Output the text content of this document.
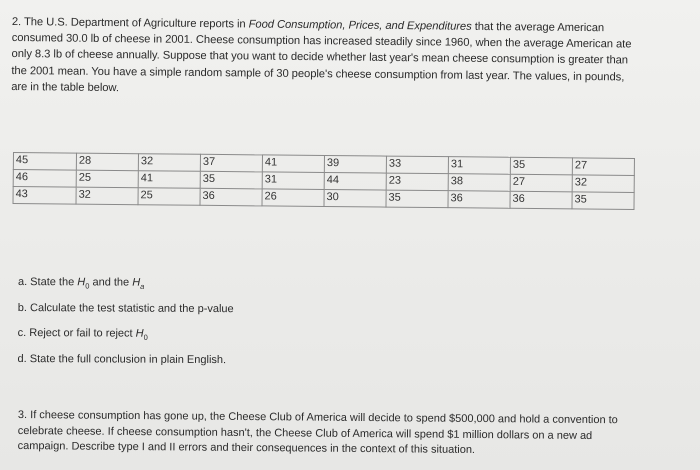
2. The U.S. Department of Agriculture reports in Food Consumption, Prices, and Expenditures that the average American
consumed 30.0 lb of cheese in 2001. Cheese consumption has increased steadily since 1960, when the average American ate
only 8.3 lb of cheese annually. Suppose that you want to decide whether last year's mean cheese consumption is greater than
the 2001 mean. You have a simple random sample of 30 people's cheese consumption from last year. The values, in pounds,
are in the table below.
45	28	32	37	41	39	33	31	35	27
46	25	41	35	31	44	23	38	27	32
43	32	25	36	26	30	35	36	36	35
a. State the $H_0$ and the $H_a$
b. Calculate the test statistic and the p-value
c. Reject or fail to reject $H_0$
d. State the full conclusion in plain English.
3. If cheese consumption has gone up, the Cheese Club of America will decide to spend $500,000 and hold a convention to
celebrate cheese. If cheese consumption hasn't, the Cheese Club of America will spend $1 million dollars on a new ad
campaign. Describe type I and II errors and their consequences in the context of this situation.
